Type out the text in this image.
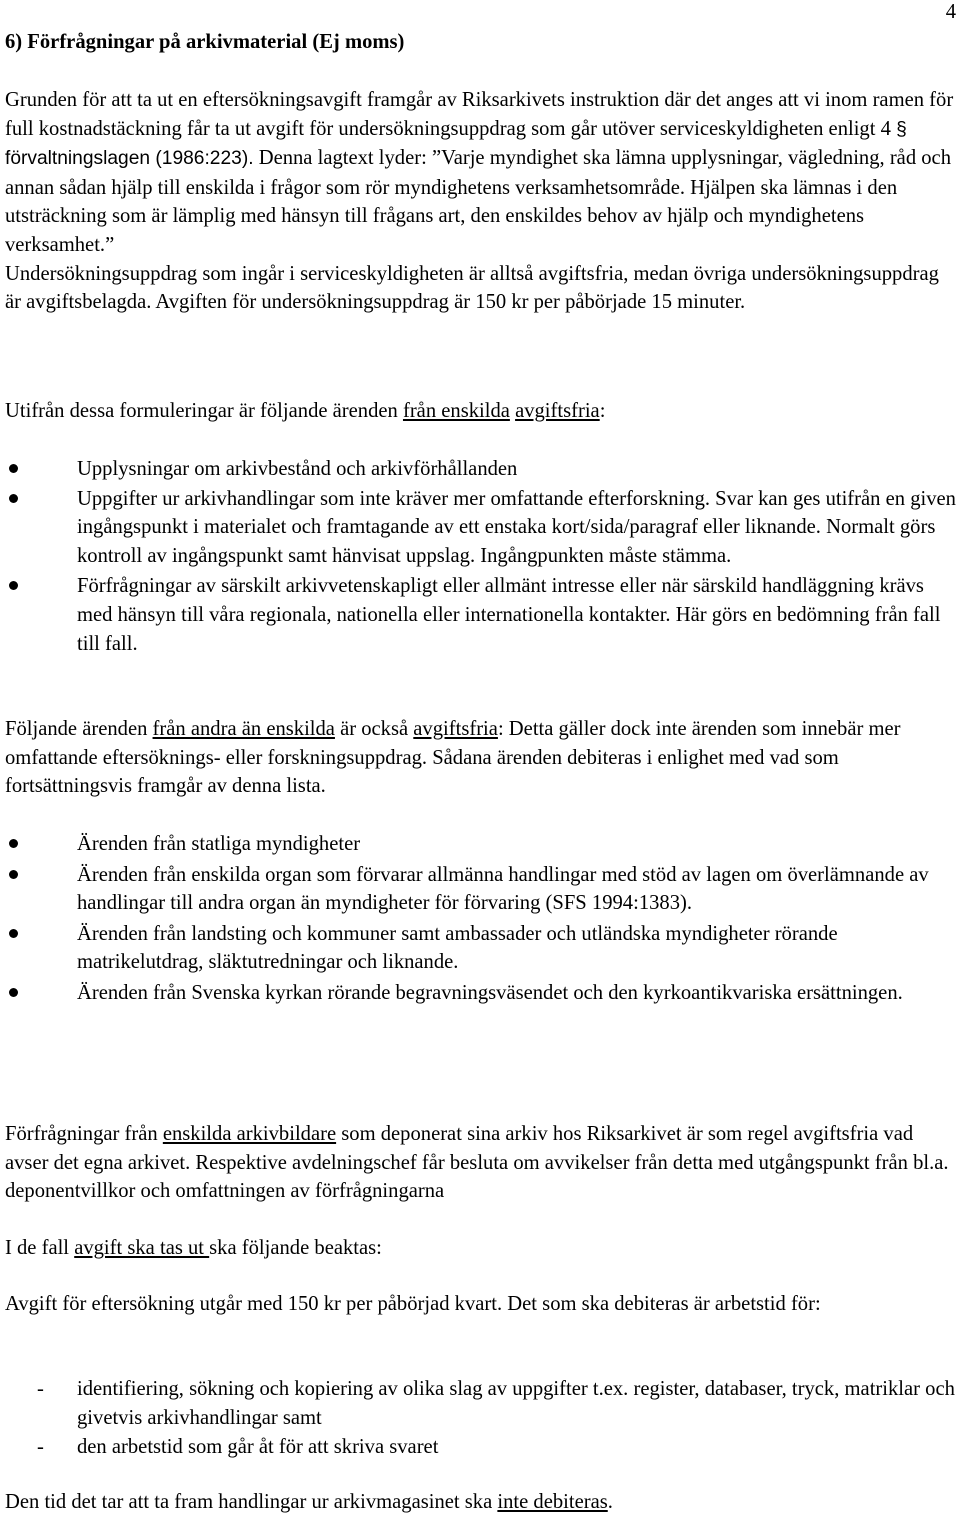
4
6) Förfrågningar på arkivmaterial (Ej moms)
Grunden för att ta ut en eftersökningsavgift framgår av Riksarkivets instruktion där det anges att vi inom ramen för full kostnadstäckning får ta ut avgift för undersökningsuppdrag som går utöver serviceskyldigheten enligt 4 § förvaltningslagen (1986:223). Denna lagtext lyder: ”Varje myndighet ska lämna upplysningar, vägledning, råd och annan sådan hjälp till enskilda i frågor som rör myndighetens verksamhetsområde. Hjälpen ska lämnas i den utsträckning som är lämplig med hänsyn till frågans art, den enskildes behov av hjälp och myndighetens verksamhet.”
Undersökningsuppdrag som ingår i serviceskyldigheten är alltså avgiftsfria, medan övriga undersökningsuppdrag är avgiftsbelagda. Avgiften för undersökningsuppdrag är 150 kr per påbörjade 15 minuter.
Utifrån dessa formuleringar är följande ärenden från enskilda avgiftsfria:
Upplysningar om arkivbestånd och arkivförhållanden
Uppgifter ur arkivhandlingar som inte kräver mer omfattande efterforskning. Svar kan ges utifrån en given ingångspunkt i materialet och framtagande av ett enstaka kort/sida/paragraf eller liknande. Normalt görs kontroll av ingångspunkt samt hänvisat uppslag. Ingångpunkten måste stämma.
Förfrågningar av särskilt arkivvetenskapligt eller allmänt intresse eller när särskild handläggning krävs med hänsyn till våra regionala, nationella eller internationella kontakter. Här görs en bedömning från fall till fall.
Följande ärenden från andra än enskilda är också avgiftsfria: Detta gäller dock inte ärenden som innebär mer omfattande eftersöknings- eller forskningsuppdrag. Sådana ärenden debiteras i enlighet med vad som fortsättningsvis framgår av denna lista.
Ärenden från statliga myndigheter
Ärenden från enskilda organ som förvarar allmänna handlingar med stöd av lagen om överlämnande av handlingar till andra organ än myndigheter för förvaring (SFS 1994:1383).
Ärenden från landsting och kommuner samt ambassader och utländska myndigheter rörande matrikelutdrag, släktutredningar och liknande.
Ärenden från Svenska kyrkan rörande begravningsväsendet och den kyrkoantikvariska ersättningen.
Förfrågningar från enskilda arkivbildare som deponerat sina arkiv hos Riksarkivet är som regel avgiftsfria vad avser det egna arkivet. Respektive avdelningschef får besluta om avvikelser från detta med utgångspunkt från bl.a. deponentvillkor och omfattningen av förfrågningarna
I de fall avgift ska tas ut ska följande beaktas:
Avgift för eftersökning utgår med 150 kr per påbörjad kvart. Det som ska debiteras är arbetstid för:
- identifiering, sökning och kopiering av olika slag av uppgifter t.ex. register, databaser, tryck, matriklar och givetvis arkivhandlingar samt
- den arbetstid som går åt för att skriva svaret
Den tid det tar att ta fram handlingar ur arkivmagasinet ska inte debiteras.
